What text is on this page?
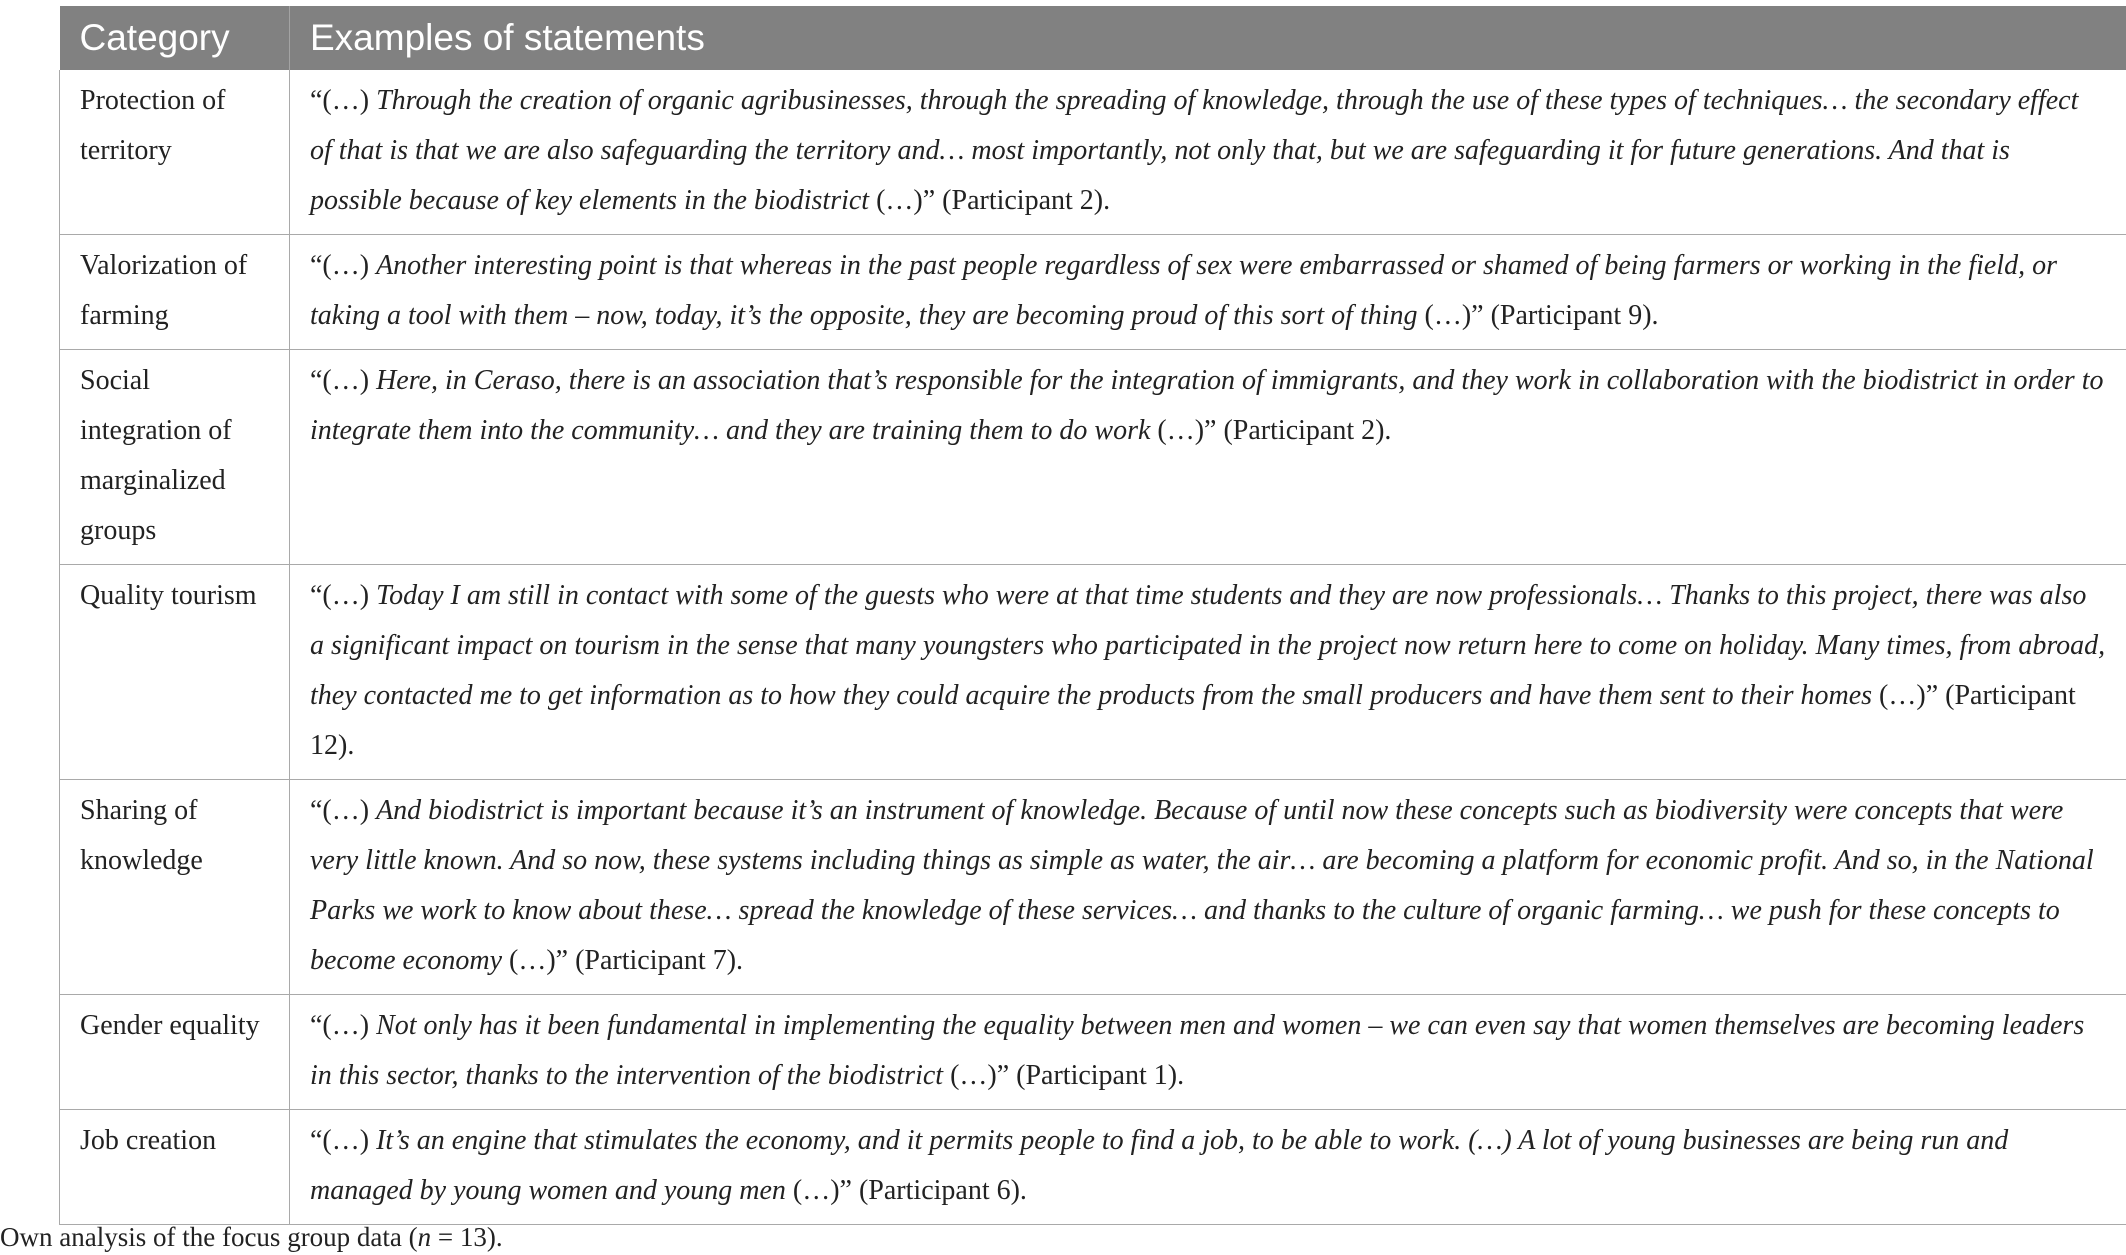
Category	Examples of statements
Protection of territory	“(…) Through the creation of organic agribusinesses, through the spreading of knowledge, through the use of these types of techniques… the secondary effect of that is that we are also safeguarding the territory and… most importantly, not only that, but we are safeguarding it for future generations. And that is possible because of key elements in the biodistrict (…)” (Participant 2).
Valorization of farming	“(…) Another interesting point is that whereas in the past people regardless of sex were embarrassed or shamed of being farmers or working in the field, or taking a tool with them – now, today, it’s the opposite, they are becoming proud of this sort of thing (…)” (Participant 9).
Social integration of marginalized groups	“(…) Here, in Ceraso, there is an association that’s responsible for the integration of immigrants, and they work in collaboration with the biodistrict in order to integrate them into the community… and they are training them to do work (…)” (Participant 2).
Quality tourism	“(…) Today I am still in contact with some of the guests who were at that time students and they are now professionals… Thanks to this project, there was also a significant impact on tourism in the sense that many youngsters who participated in the project now return here to come on holiday. Many times, from abroad, they contacted me to get information as to how they could acquire the products from the small producers and have them sent to their homes (…)” (Participant 12).
Sharing of knowledge	“(…) And biodistrict is important because it’s an instrument of knowledge. Because of until now these concepts such as biodiversity were concepts that were very little known. And so now, these systems including things as simple as water, the air… are becoming a platform for economic profit. And so, in the National Parks we work to know about these… spread the knowledge of these services… and thanks to the culture of organic farming… we push for these concepts to become economy (…)” (Participant 7).
Gender equality	“(…) Not only has it been fundamental in implementing the equality between men and women – we can even say that women themselves are becoming leaders in this sector, thanks to the intervention of the biodistrict (…)” (Participant 1).
Job creation	“(…) It’s an engine that stimulates the economy, and it permits people to find a job, to be able to work. (…) A lot of young businesses are being run and managed by young women and young men (…)” (Participant 6).
Own analysis of the focus group data (n = 13).
